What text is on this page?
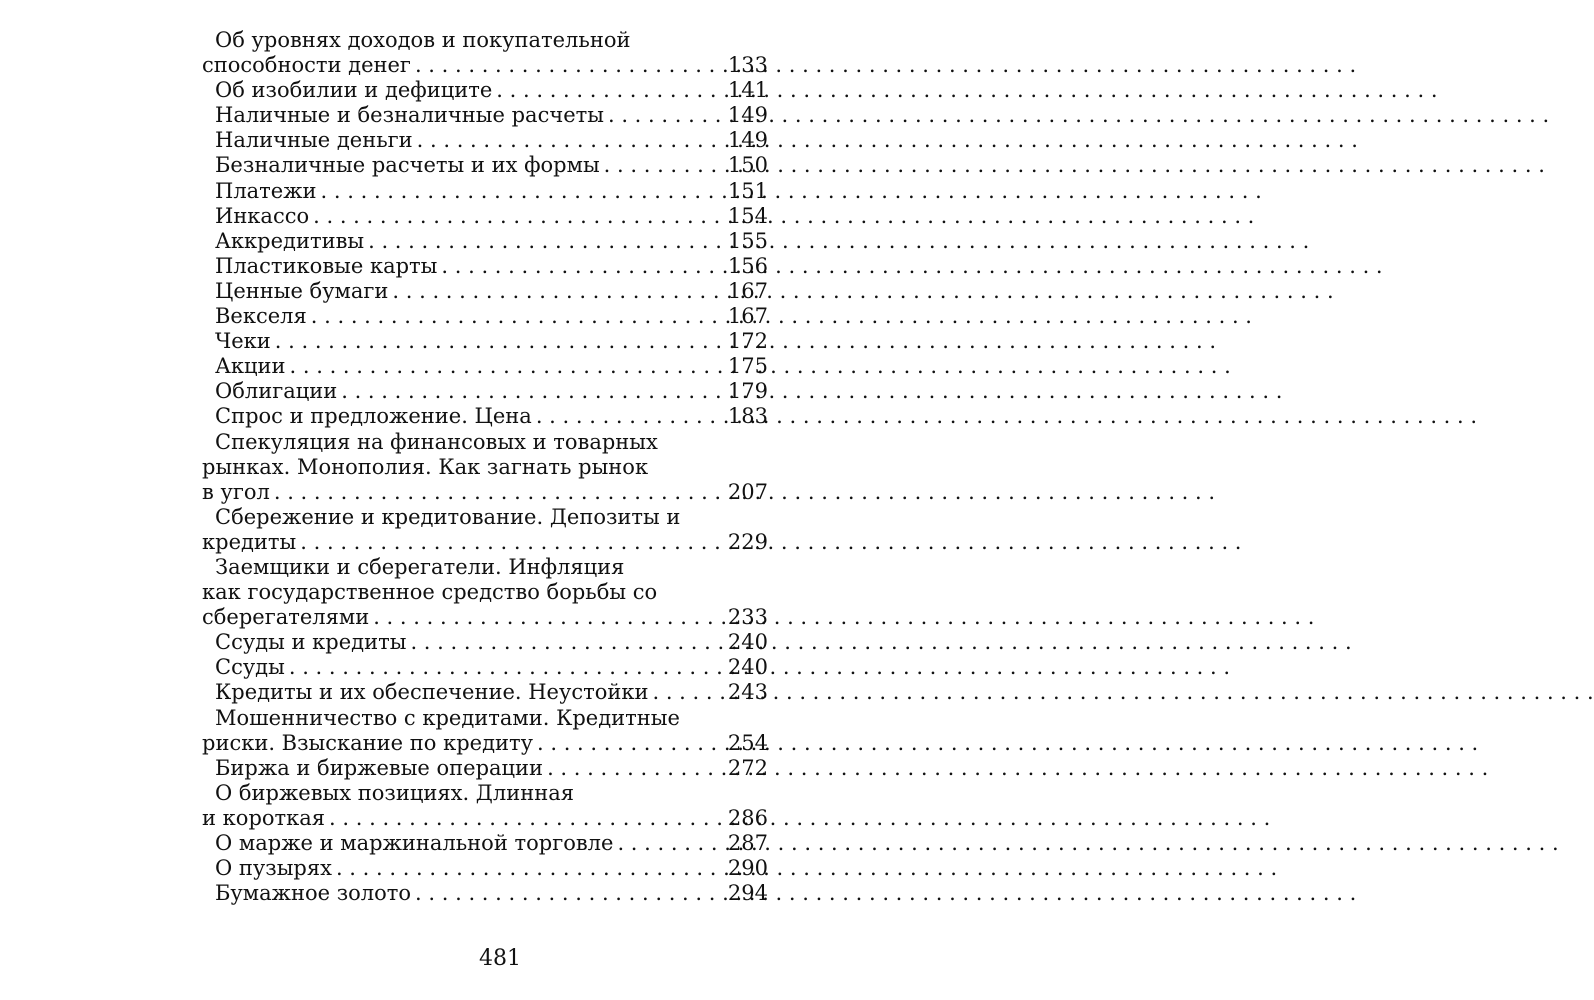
Об уровнях доходов и покупательной
способности денег . . .	133
Об изобилии и дефиците . . .	141
Наличные и безналичные расчеты . . .	149
Наличные деньги . . .	149
Безналичные расчеты и их формы . . .	150
Платежи . . .	151
Инкассо . . .	154
Аккредитивы . . .	155
Пластиковые карты . . .	156
Ценные бумаги . . .	167
Векселя . . .	167
Чеки . . .	172
Акции . . .	175
Облигации . . .	179
Спрос и предложение. Цена . . .	183
Спекуляция на финансовых и товарных
рынках. Монополия. Как загнать рынок
в угол . . .	207
Сбережение и кредитование. Депозиты и
кредиты . . .	229
Заемщики и сберегатели. Инфляция
как государственное средство борьбы со
сберегателями . . .	233
Ссуды и кредиты . . .	240
Ссуды . . .	240
Кредиты и их обеспечение. Неустойки . . .	243
Мошенничество с кредитами. Кредитные
риски. Взыскание по кредиту . . .	254
Биржа и биржевые операции . . .	272
О биржевых позициях. Длинная
и короткая . . .	286
О марже и маржинальной торговле . . .	287
О пузырях . . .	290
Бумажное золото . . .	294
481
